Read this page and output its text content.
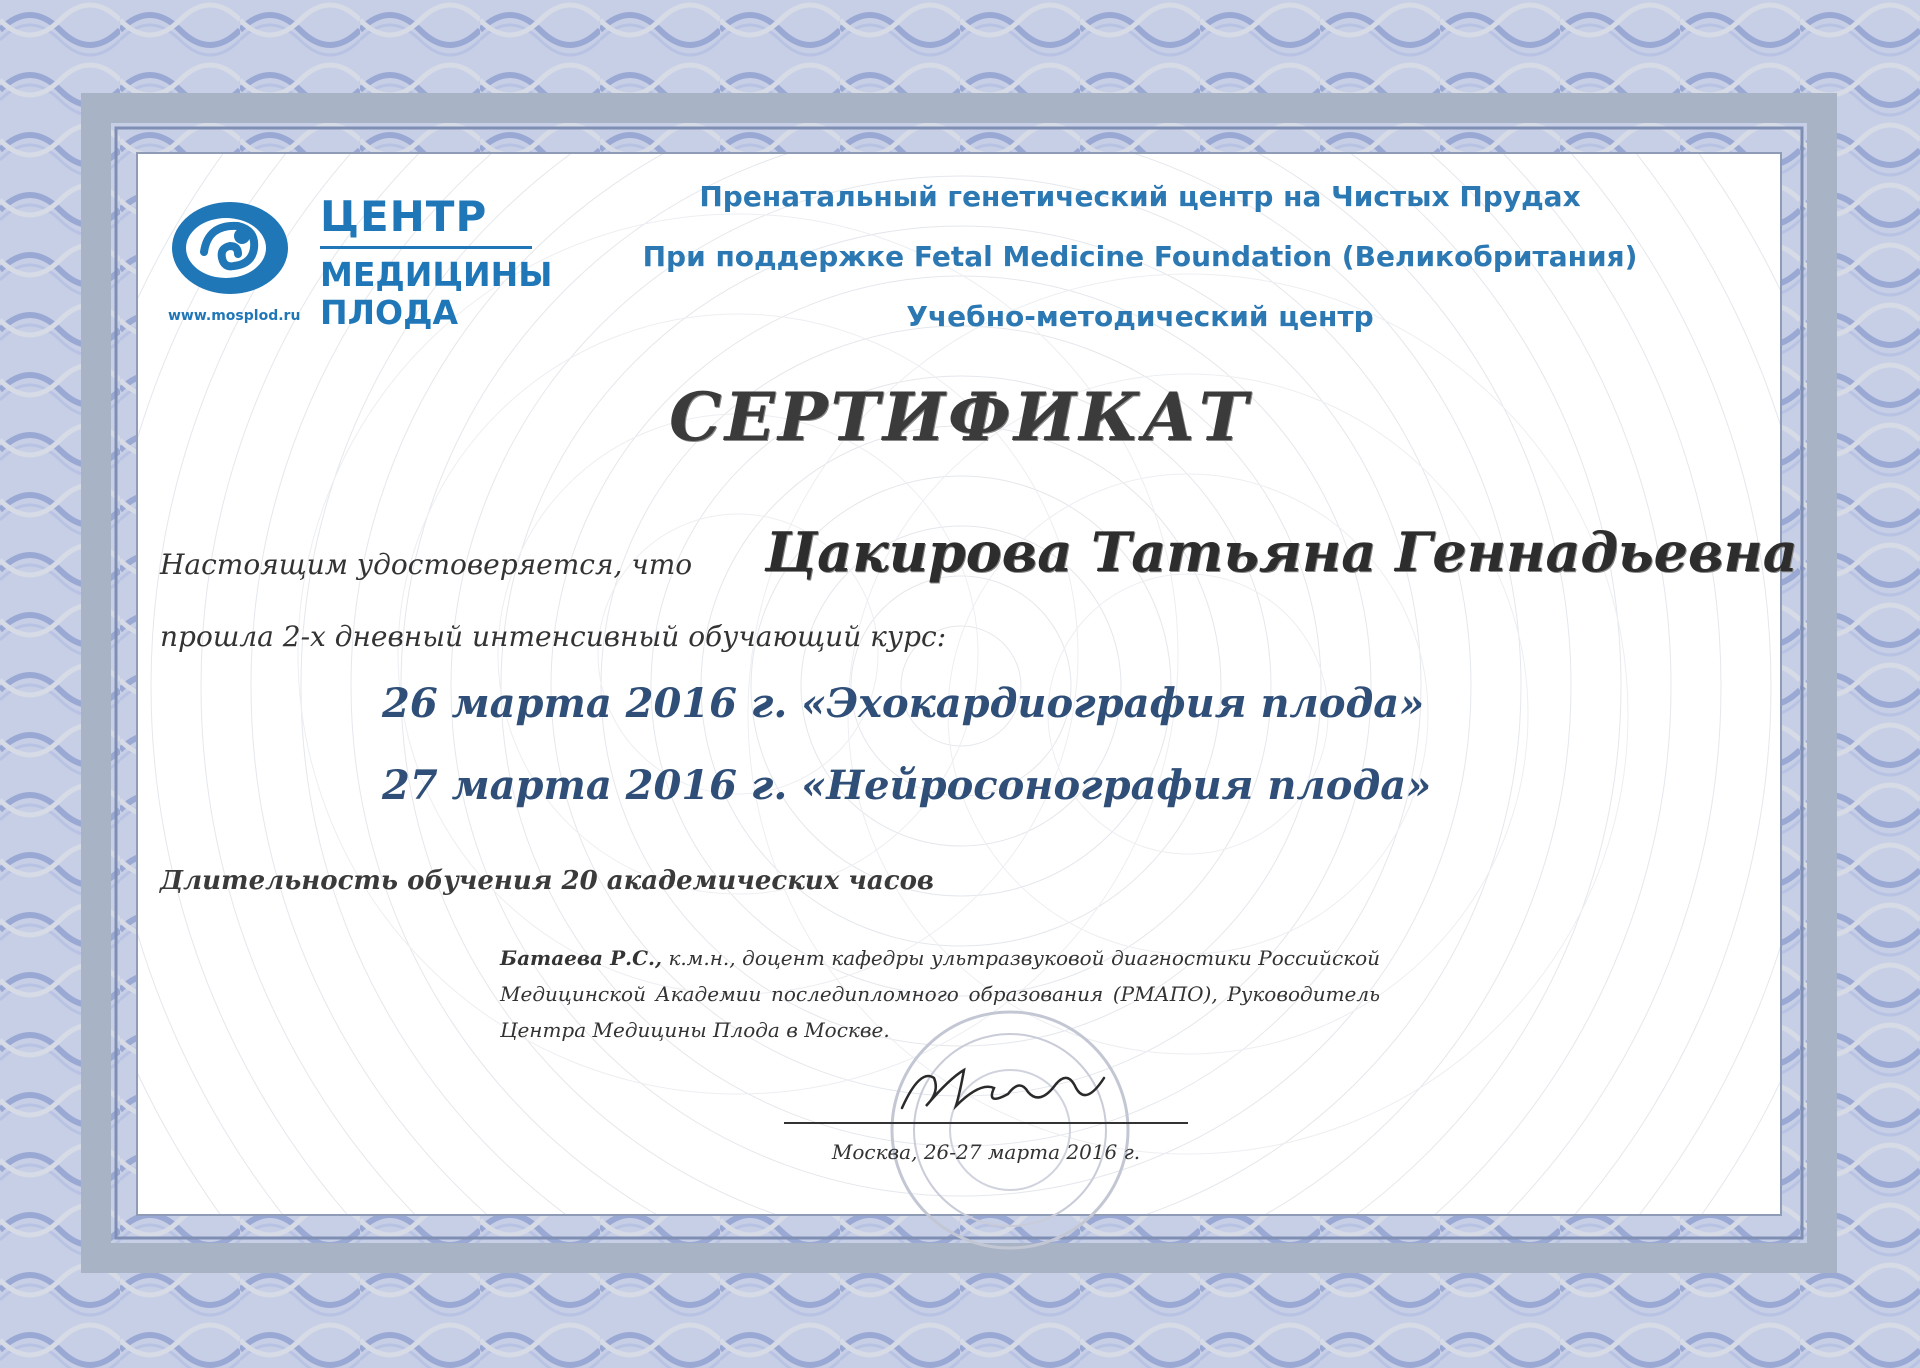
ЦЕНТР
МЕДИЦИНЫ
ПЛОДА
www.mosplod.ru
Пренатальный генетический центр на Чистых Прудах
При поддержке Fetal Medicine Foundation (Великобритания)
Учебно-методический центр
СЕРТИФИКАТ
Настоящим удостоверяется, что Цакирова Татьяна Геннадьевна
прошла 2-х дневный интенсивный обучающий курс:
26 марта 2016 г. «Эхокардиография плода»
27 марта 2016 г. «Нейросонография плода»
Длительность обучения 20 академических часов
Батаева Р.С., к.м.н., доцент кафедры ультразвуковой диагностики Российской Медицинской Академии последипломного образования (РМАПО), Руководитель Центра Медицины Плода в Москве.
Москва, 26-27 марта 2016 г.
